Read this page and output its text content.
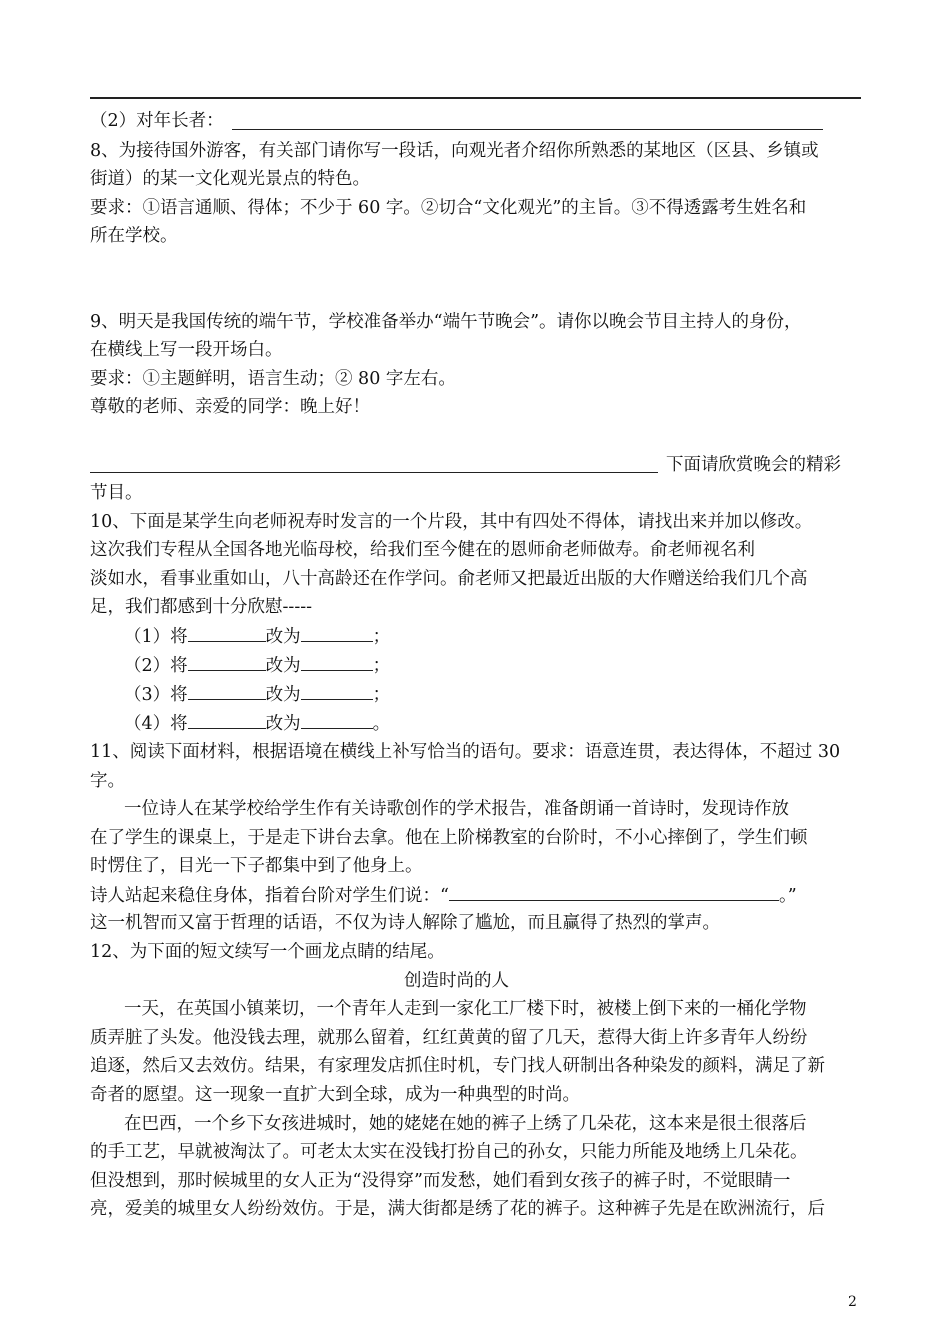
（2）对年长者：
8、为接待国外游客，有关部门请你写一段话，向观光者介绍你所熟悉的某地区（区县、乡镇或
街道）的某一文化观光景点的特色。
要求：①语言通顺、得体；不少于 60 字。②切合“文化观光”的主旨。③不得透露考生姓名和
所在学校。
9、明天是我国传统的端午节，学校准备举办“端午节晚会”。请你以晚会节目主持人的身份，
在横线上写一段开场白。
要求：①主题鲜明，语言生动；② 80 字左右。
尊敬的老师、亲爱的同学：晚上好！
下面请欣赏晚会的精彩
节目。
10、下面是某学生向老师祝寿时发言的一个片段，其中有四处不得体，请找出来并加以修改。
这次我们专程从全国各地光临母校，给我们至今健在的恩师俞老师做寿。俞老师视名利
淡如水，看事业重如山，八十高龄还在作学问。俞老师又把最近出版的大作赠送给我们几个高
足，我们都感到十分欣慰-----
（1）将	改为	；
（2）将	改为	；
（3）将	改为	；
（4）将	改为	。
11、阅读下面材料，根据语境在横线上补写恰当的语句。要求：语意连贯，表达得体，不超过 30
字。
一位诗人在某学校给学生作有关诗歌创作的学术报告，准备朗诵一首诗时，发现诗作放
在了学生的课桌上，于是走下讲台去拿。他在上阶梯教室的台阶时，不小心摔倒了，学生们顿
时愣住了，目光一下子都集中到了他身上。
诗人站起来稳住身体，指着台阶对学生们说：“	。”
这一机智而又富于哲理的话语，不仅为诗人解除了尴尬，而且赢得了热烈的掌声。
12、为下面的短文续写一个画龙点睛的结尾。
创造时尚的人
一天，在英国小镇莱切，一个青年人走到一家化工厂楼下时，被楼上倒下来的一桶化学物
质弄脏了头发。他没钱去理，就那么留着，红红黄黄的留了几天，惹得大街上许多青年人纷纷
追逐，然后又去效仿。结果，有家理发店抓住时机，专门找人研制出各种染发的颜料，满足了新
奇者的愿望。这一现象一直扩大到全球，成为一种典型的时尚。
在巴西，一个乡下女孩进城时，她的姥姥在她的裤子上绣了几朵花，这本来是很土很落后
的手工艺，早就被淘汰了。可老太太实在没钱打扮自己的孙女，只能力所能及地绣上几朵花。
但没想到，那时候城里的女人正为“没得穿”而发愁，她们看到女孩子的裤子时，不觉眼睛一
亮，爱美的城里女人纷纷效仿。于是，满大街都是绣了花的裤子。这种裤子先是在欧洲流行，后
2
